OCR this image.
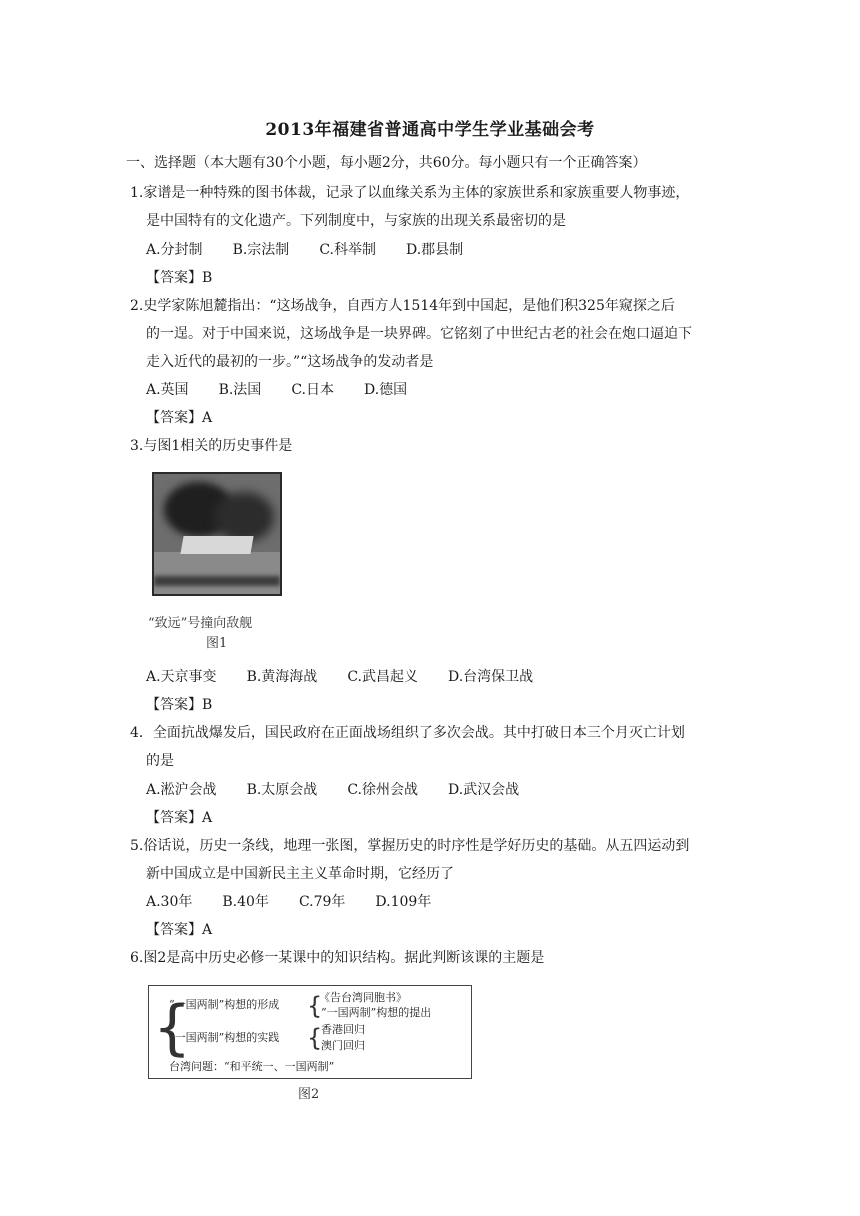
2013年福建省普通高中学生学业基础会考
一、选择题（本大题有30个小题，每小题2分，共60分。每小题只有一个正确答案）
1.家谱是一种特殊的图书体裁，记录了以血缘关系为主体的家族世系和家族重要人物事迹，
是中国特有的文化遗产。下列制度中，与家族的出现关系最密切的是
A.分封制 B.宗法制 C.科举制 D.郡县制
【答案】B
2.史学家陈旭麓指出：“这场战争，自西方人1514年到中国起，是他们积325年窥探之后
的一逞。对于中国来说，这场战争是一块界碑。它铭刻了中世纪古老的社会在炮口逼迫下
走入近代的最初的一步。”“这场战争的发动者是
A.英国 B.法国 C.日本 D.德国
【答案】A
3.与图1相关的历史事件是
“致远”号撞向敌舰
图1
A.天京事变 B.黄海海战 C.武昌起义 D.台湾保卫战
【答案】B
4．全面抗战爆发后，国民政府在正面战场组织了多次会战。其中打破日本三个月灭亡计划
的是
A.淞沪会战 B.太原会战 C.徐州会战 D.武汉会战
【答案】A
5.俗话说，历史一条线，地理一张图，掌握历史的时序性是学好历史的基础。从五四运动到
新中国成立是中国新民主主义革命时期，它经历了
A.30年 B.40年 C.79年 D.109年
【答案】A
6.图2是高中历史必修一某课中的知识结构。据此判断该课的主题是
{
“一国两制”构想的形成 {
《告台湾同胞书》
“一国两制”构想的提出
“一国两制”构想的实践 {
香港回归
澳门回归
台湾问题：“和平统一、一国两制”
图2
